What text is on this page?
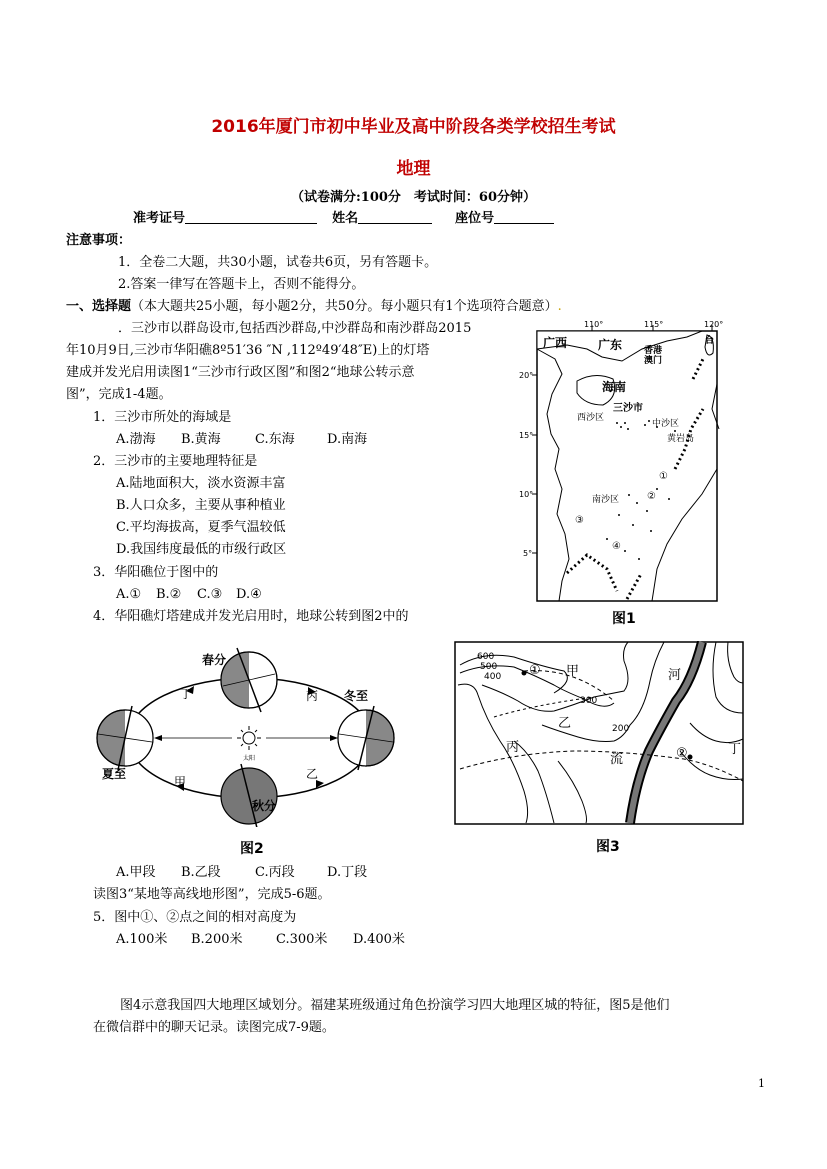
2016年厦门市初中毕业及高中阶段各类学校招生考试
地理
（试卷满分:100分　考试时间：60分钟）
准考证号	姓名	座位号
注意事项：
1．全卷二大题，共30小题，试卷共6页，另有答题卡。
2.答案一律写在答题卡上，否则不能得分。
一、选择题（本大题共25小题，每小题2分，共50分。每小题只有1个选项符合题意）.
．三沙市以群岛设市,包括西沙群岛,中沙群岛和南沙群岛2015
年10月9日,三沙市华阳礁8º51′36 ″N ,112º49′48″E)上的灯塔
建成并发光启用读图1“三沙市行政区图”和图2“地球公转示意
图”，完成1-4题。
1．三沙市所处的海域是
A.渤海 B.黄海	C.东海 D.南海
2．三沙市的主要地理特征是
A.陆地面积大，淡水资源丰富
B.人口众多，主要从事种植业
C.平均海拔高，夏季气温较低
D.我国纬度最低的市级行政区
3．华阳礁位于图中的
A.① B.② C.③ D.④
4．华阳礁灯塔建成并发光启用时，地球公转到图2中的
110°	115°	120°
20°
15°
10°
5°
广西	广东 香港
澳门
台
海南
三沙市
西沙区
中沙区
黄岩岛
南沙区
①
②
③
④
图1
太阳
春分
夏至
秋分
冬至
丁	丙
甲
乙
图2
①
②
600
500
400
300
200
甲
乙
丙	丁
河
流
图3
A.甲段 B.乙段	C.丙段 D.丁段
读图3“某地等高线地形图”，完成5-6题。
5．图中①、②点之间的相对高度为
A.100米 B.200米	C.300米 D.400米
图4示意我国四大地理区域划分。福建某班级通过角色扮演学习四大地理区城的特征，图5是他们
在微信群中的聊天记录。读图完成7-9题。
1
